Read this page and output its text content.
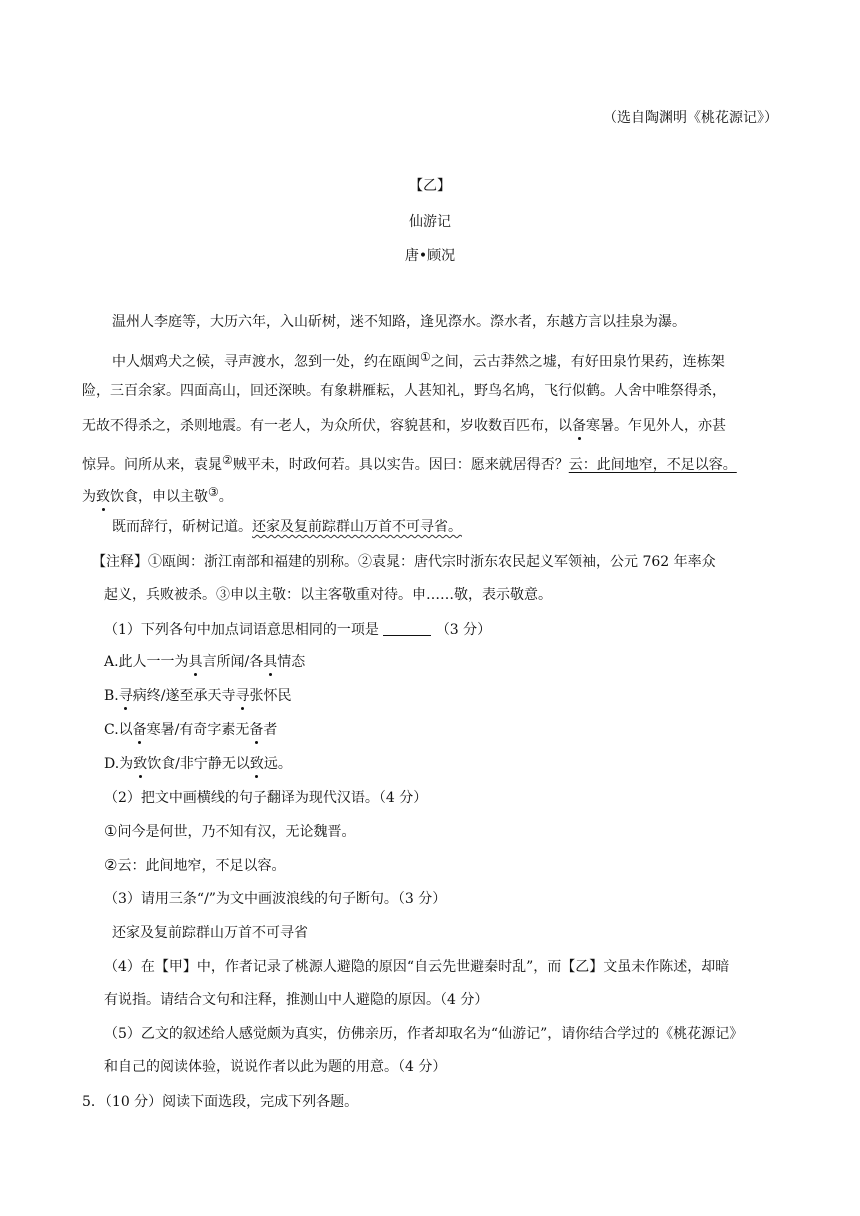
（选自陶渊明《桃花源记》）
【乙】
仙游记
唐•顾况
温州人李庭等，大历六年，入山斫树，迷不知路，逢见漈水。漈水者，东越方言以挂泉为瀑。
中人烟鸡犬之候，寻声渡水，忽到一处，约在瓯闽①之间，云古莽然之墟，有好田泉竹果药，连栋架
险，三百余家。四面高山，回还深映。有象耕雁耘，人甚知礼，野鸟名鸠，飞行似鹤。人舍中唯祭得杀，
无故不得杀之，杀则地震。有一老人，为众所伏，容貌甚和，岁收数百匹布，以备寒暑。乍见外人，亦甚
惊异。问所从来，袁晁②贼平未，时政何若。具以实告。因曰：愿来就居得否？云：此间地窄，不足以容。
为致饮食，申以主敬③。
既而辞行，斫树记道。还家及复前踪群山万首不可寻省。
【注释】①瓯闽：浙江南部和福建的别称。②袁晁：唐代宗时浙东农民起义军领袖，公元 762 年率众
起义，兵败被杀。③申以主敬：以主客敬重对待。申……敬，表示敬意。
（1）下列各句中加点词语意思相同的一项是	（3 分）
A.此人一一为具言所闻/各具情态
B.寻病终/遂至承天寺寻张怀民
C.以备寒暑/有奇字素无备者
D.为致饮食/非宁静无以致远。
（2）把文中画横线的句子翻译为现代汉语。（4 分）
①问今是何世，乃不知有汉，无论魏晋。
②云：此间地窄，不足以容。
（3）请用三条“/”为文中画波浪线的句子断句。（3 分）
还家及复前踪群山万首不可寻省
（4）在【甲】中，作者记录了桃源人避隐的原因“自云先世避秦时乱”，而【乙】文虽未作陈述，却暗
有说指。请结合文句和注释，推测山中人避隐的原因。（4 分）
（5）乙文的叙述给人感觉颇为真实，仿佛亲历，作者却取名为“仙游记”，请你结合学过的《桃花源记》
和自己的阅读体验，说说作者以此为题的用意。（4 分）
5．（10 分）阅读下面选段，完成下列各题。
